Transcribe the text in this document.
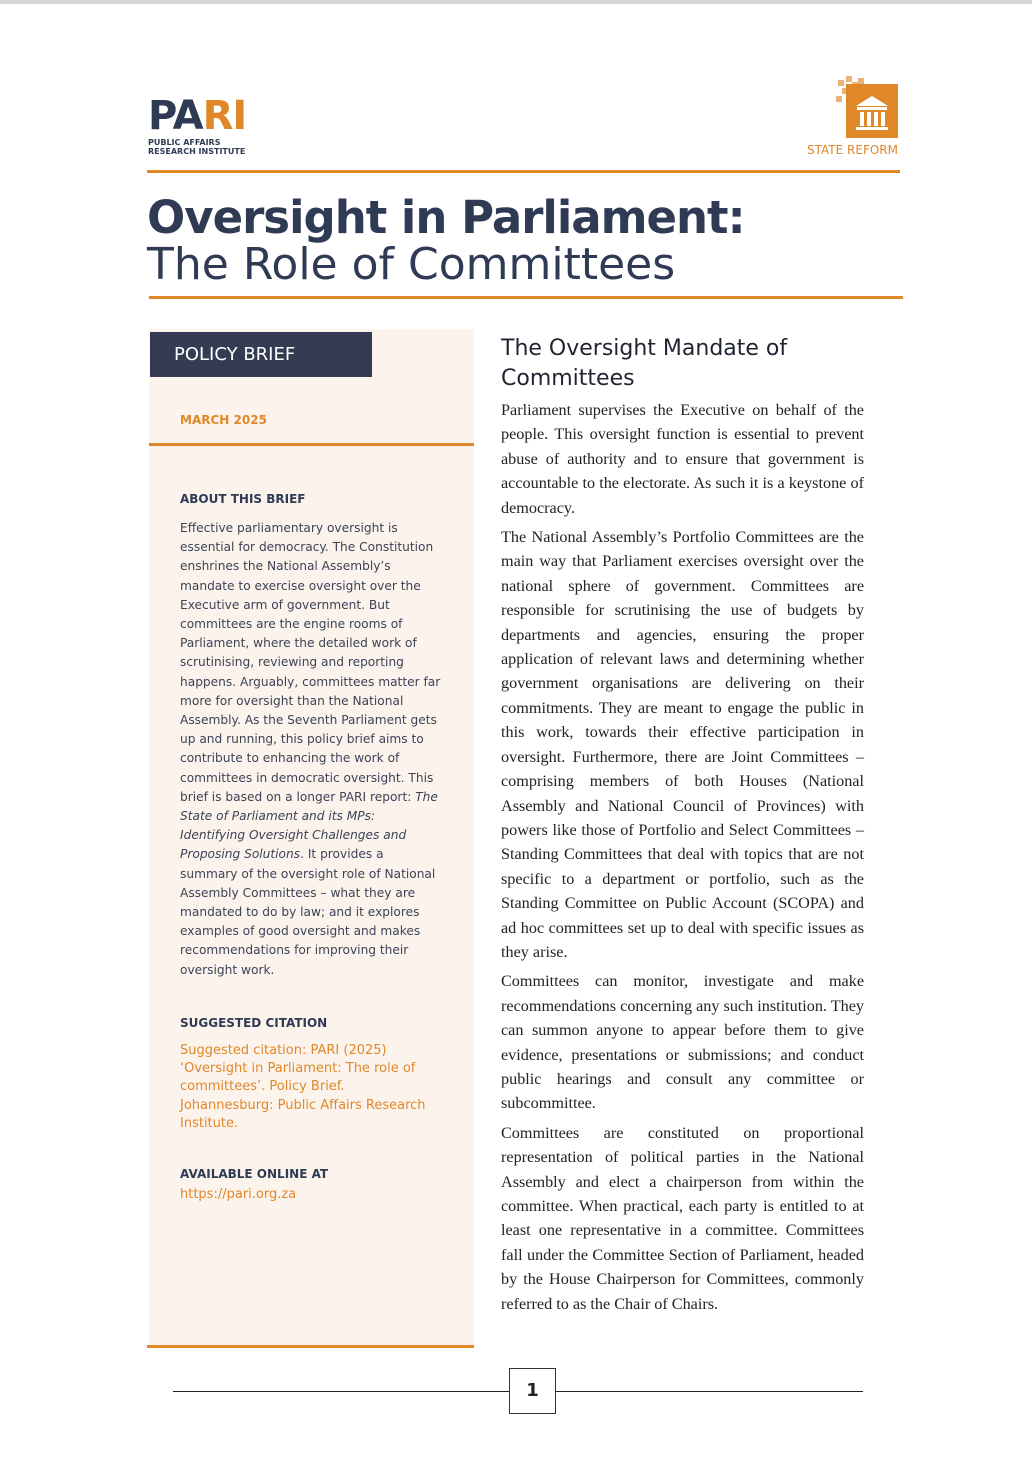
PARI
PUBLIC AFFAIRS
RESEARCH INSTITUTE	STATE REFORM
Oversight in Parliament:
The Role of Committees
POLICY BRIEF
MARCH 2025
ABOUT THIS BRIEF
Effective parliamentary oversight is essential for democracy. The Constitution enshrines the National Assembly’s mandate to exercise oversight over the Executive arm of government. But committees are the engine rooms of Parliament, where the detailed work of scrutinising, reviewing and reporting happens. Arguably, committees matter far more for oversight than the National Assembly. As the Seventh Parliament gets up and running, this policy brief aims to contribute to enhancing the work of committees in democratic oversight. This brief is based on a longer PARI report: The State of Parliament and its MPs: Identifying Oversight Challenges and Proposing Solutions. It provides a summary of the oversight role of National Assembly Committees – what they are mandated to do by law; and it explores examples of good oversight and makes recommendations for improving their oversight work.
SUGGESTED CITATION
Suggested citation: PARI (2025) ‘Oversight in Parliament: The role of committees’. Policy Brief. Johannesburg: Public Affairs Research Institute.
AVAILABLE ONLINE AT
https://pari.org.za
The Oversight Mandate of Committees

Parliament supervises the Executive on behalf of the people. This oversight function is essential to prevent abuse of authority and to ensure that government is accountable to the electorate. As such it is a keystone of democracy.

The National Assembly’s Portfolio Committees are the main way that Parliament exercises oversight over the national sphere of government. Committees are responsible for scrutinising the use of budgets by departments and agencies, ensuring the proper application of relevant laws and determining whether government organisations are delivering on their commitments. They are meant to engage the public in this work, towards their effective participation in oversight. Furthermore, there are Joint Committees – comprising members of both Houses (National Assembly and National Council of Provinces) with powers like those of Portfolio and Select Committees – Standing Committees that deal with topics that are not specific to a department or portfolio, such as the Standing Committee on Public Account (SCOPA) and ad hoc committees set up to deal with specific issues as they arise.

Committees can monitor, investigate and make recommendations concerning any such institution. They can summon anyone to appear before them to give evidence, presentations or submissions; and conduct public hearings and consult any committee or subcommittee.

Committees are constituted on proportional representation of political parties in the National Assembly and elect a chairperson from within the committee. When practical, each party is entitled to at least one representative in a committee. Committees fall under the Committee Section of Parliament, headed by the House Chairperson for Committees, commonly referred to as the Chair of Chairs.

1
